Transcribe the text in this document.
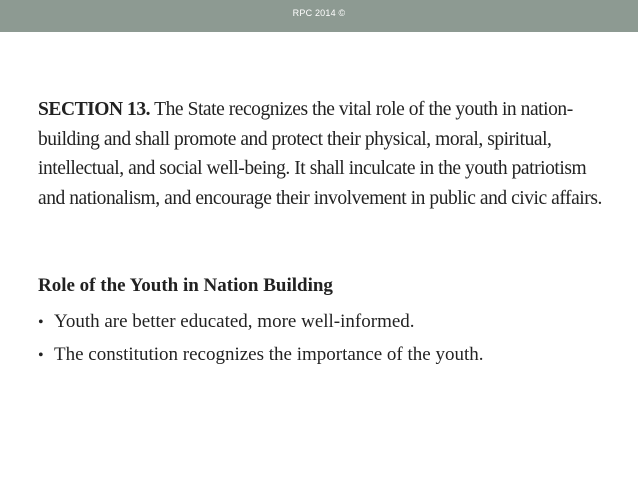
RPC 2014 ©
SECTION 13. The State recognizes the vital role of the youth in nation-building and shall promote and protect their physical, moral, spiritual, intellectual, and social well-being. It shall inculcate in the youth patriotism and nationalism, and encourage their involvement in public and civic affairs.
Role of the Youth in Nation Building
• Youth are better educated, more well-informed.
• The constitution recognizes the importance of the youth.
